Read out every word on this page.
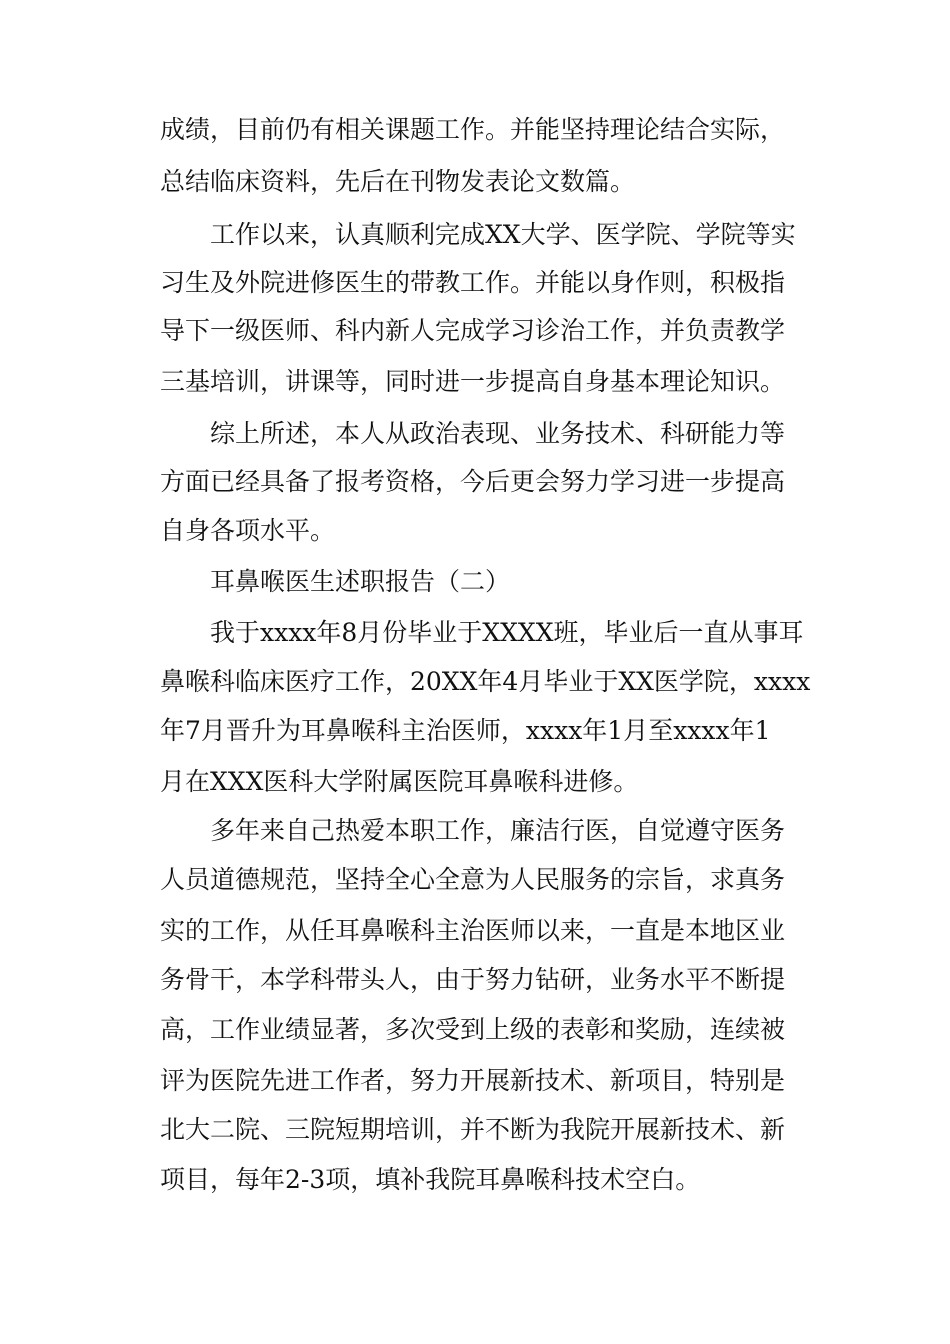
成绩，目前仍有相关课题工作。并能坚持理论结合实际，
总结临床资料，先后在刊物发表论文数篇。
工作以来，认真顺利完成XX大学、医学院、学院等实
习生及外院进修医生的带教工作。并能以身作则，积极指
导下一级医师、科内新人完成学习诊治工作，并负责教学
三基培训，讲课等，同时进一步提高自身基本理论知识。
综上所述，本人从政治表现、业务技术、科研能力等
方面已经具备了报考资格，今后更会努力学习进一步提高
自身各项水平。
耳鼻喉医生述职报告（二）
我于xxxx年8月份毕业于XXXX班，毕业后一直从事耳
鼻喉科临床医疗工作，20XX年4月毕业于XX医学院，xxxx
年7月晋升为耳鼻喉科主治医师，xxxx年1月至xxxx年1
月在XXX医科大学附属医院耳鼻喉科进修。
多年来自己热爱本职工作，廉洁行医，自觉遵守医务
人员道德规范，坚持全心全意为人民服务的宗旨，求真务
实的工作，从任耳鼻喉科主治医师以来，一直是本地区业
务骨干，本学科带头人，由于努力钻研，业务水平不断提
高，工作业绩显著，多次受到上级的表彰和奖励，连续被
评为医院先进工作者，努力开展新技术、新项目，特别是
北大二院、三院短期培训，并不断为我院开展新技术、新
项目，每年2-3项，填补我院耳鼻喉科技术空白。
